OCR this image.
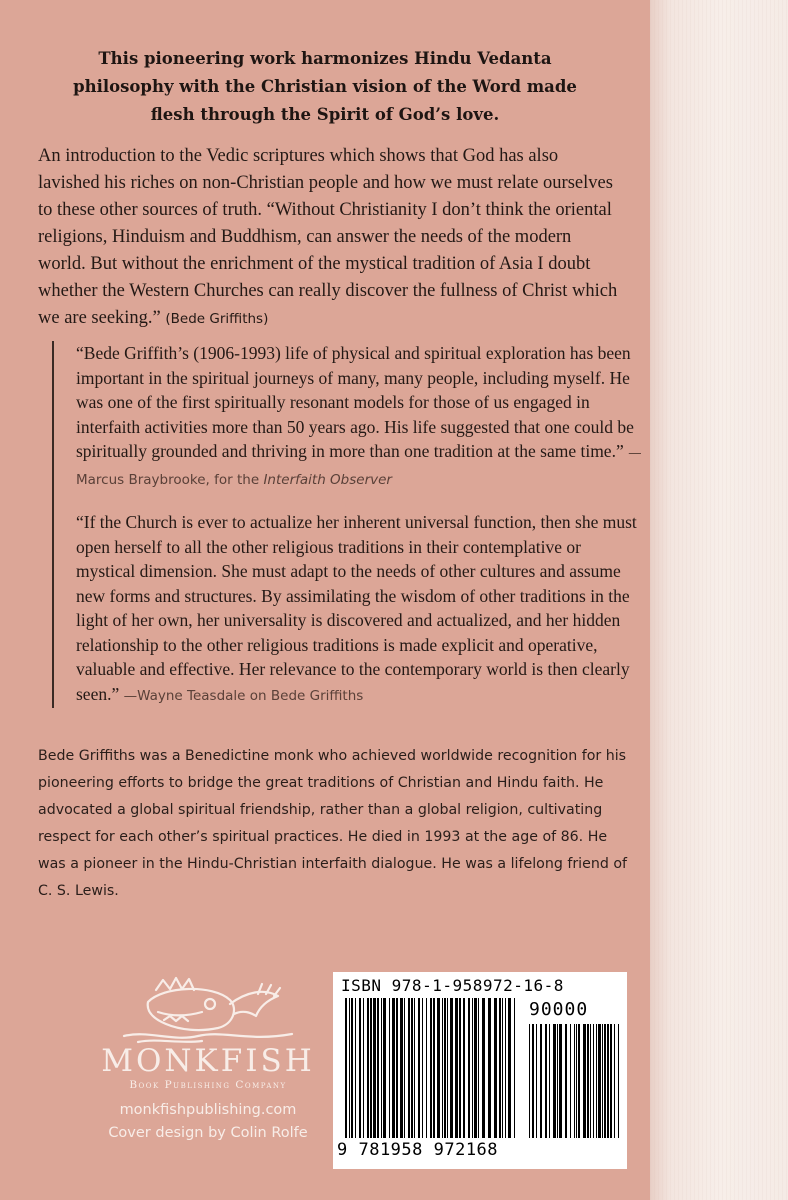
This pioneering work harmonizes Hindu Vedanta philosophy with the Christian vision of the Word made flesh through the Spirit of God’s love.

An introduction to the Vedic scriptures which shows that God has also lavished his riches on non-Christian people and how we must relate ourselves to these other sources of truth. “Without Christianity I don’t think the oriental religions, Hinduism and Buddhism, can answer the needs of the modern world. But without the enrichment of the mystical tradition of Asia I doubt whether the Western Churches can really discover the fullness of Christ which we are seeking.” (Bede Griffiths)

“Bede Griffith’s (1906-1993) life of physical and spiritual exploration has been important in the spiritual journeys of many, many people, including myself. He was one of the first spiritually resonant models for those of us engaged in interfaith activities more than 50 years ago. His life suggested that one could be spiritually grounded and thriving in more than one tradition at the same time.” —Marcus Braybrooke, for the Interfaith Observer

“If the Church is ever to actualize her inherent universal function, then she must open herself to all the other religious traditions in their contemplative or mystical dimension. She must adapt to the needs of other cultures and assume new forms and structures. By assimilating the wisdom of other traditions in the light of her own, her universality is discovered and actualized, and her hidden relationship to the other religious traditions is made explicit and operative, valuable and effective. Her relevance to the contemporary world is then clearly seen.” —Wayne Teasdale on Bede Griffiths

Bede Griffiths was a Benedictine monk who achieved worldwide recognition for his pioneering efforts to bridge the great traditions of Christian and Hindu faith. He advocated a global spiritual friendship, rather than a global religion, cultivating respect for each other’s spiritual practices. He died in 1993 at the age of 86. He was a pioneer in the Hindu-Christian interfaith dialogue. He was a lifelong friend of C. S. Lewis.

MONKFISH
Book Publishing Company
monkfishpublishing.com
Cover design by Colin Rolfe
ISBN 978-1-958972-16-8
90000
9 781958 972168
